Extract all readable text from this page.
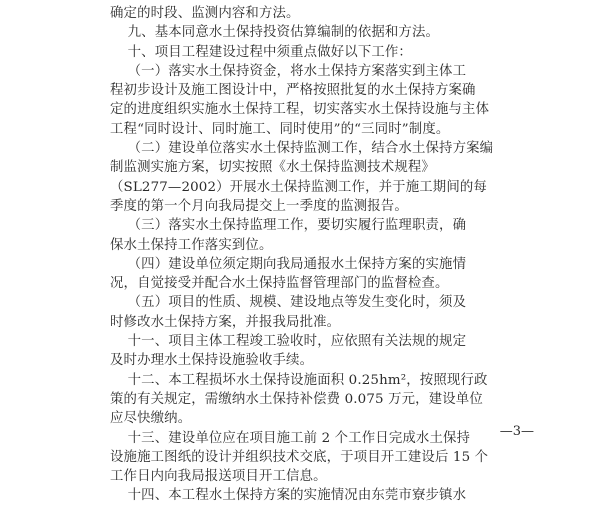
确定的时段、监测内容和方法。
九、基本同意水土保持投资估算编制的依据和方法。
十、项目工程建设过程中须重点做好以下工作：
（一）落实水土保持资金，将水土保持方案落实到主体工
程初步设计及施工图设计中，严格按照批复的水土保持方案确
定的进度组织实施水土保持工程，切实落实水土保持设施与主体
工程“同时设计、同时施工、同时使用”的“三同时”制度。
（二）建设单位落实水土保持监测工作，结合水土保持方案编
制监测实施方案，切实按照《水土保持监测技术规程》
（SL277—2002）开展水土保持监测工作，并于施工期间的每
季度的第一个月向我局提交上一季度的监测报告。
（三）落实水土保持监理工作，要切实履行监理职责，确
保水土保持工作落实到位。
（四）建设单位须定期向我局通报水土保持方案的实施情
况，自觉接受并配合水土保持监督管理部门的监督检查。
（五）项目的性质、规模、建设地点等发生变化时，须及
时修改水土保持方案，并报我局批准。
十一、项目主体工程竣工验收时，应依照有关法规的规定
及时办理水土保持设施验收手续。
十二、本工程损坏水土保持设施面积 0.25hm²，按照现行政
策的有关规定，需缴纳水土保持补偿费 0.075 万元，建设单位
应尽快缴纳。
十三、建设单位应在项目施工前 2 个工作日完成水土保持
设施施工图纸的设计并组织技术交底，于项目开工建设后 15 个
工作日内向我局报送项目开工信息。
十四、本工程水土保持方案的实施情况由东莞市寮步镇水
—3—
